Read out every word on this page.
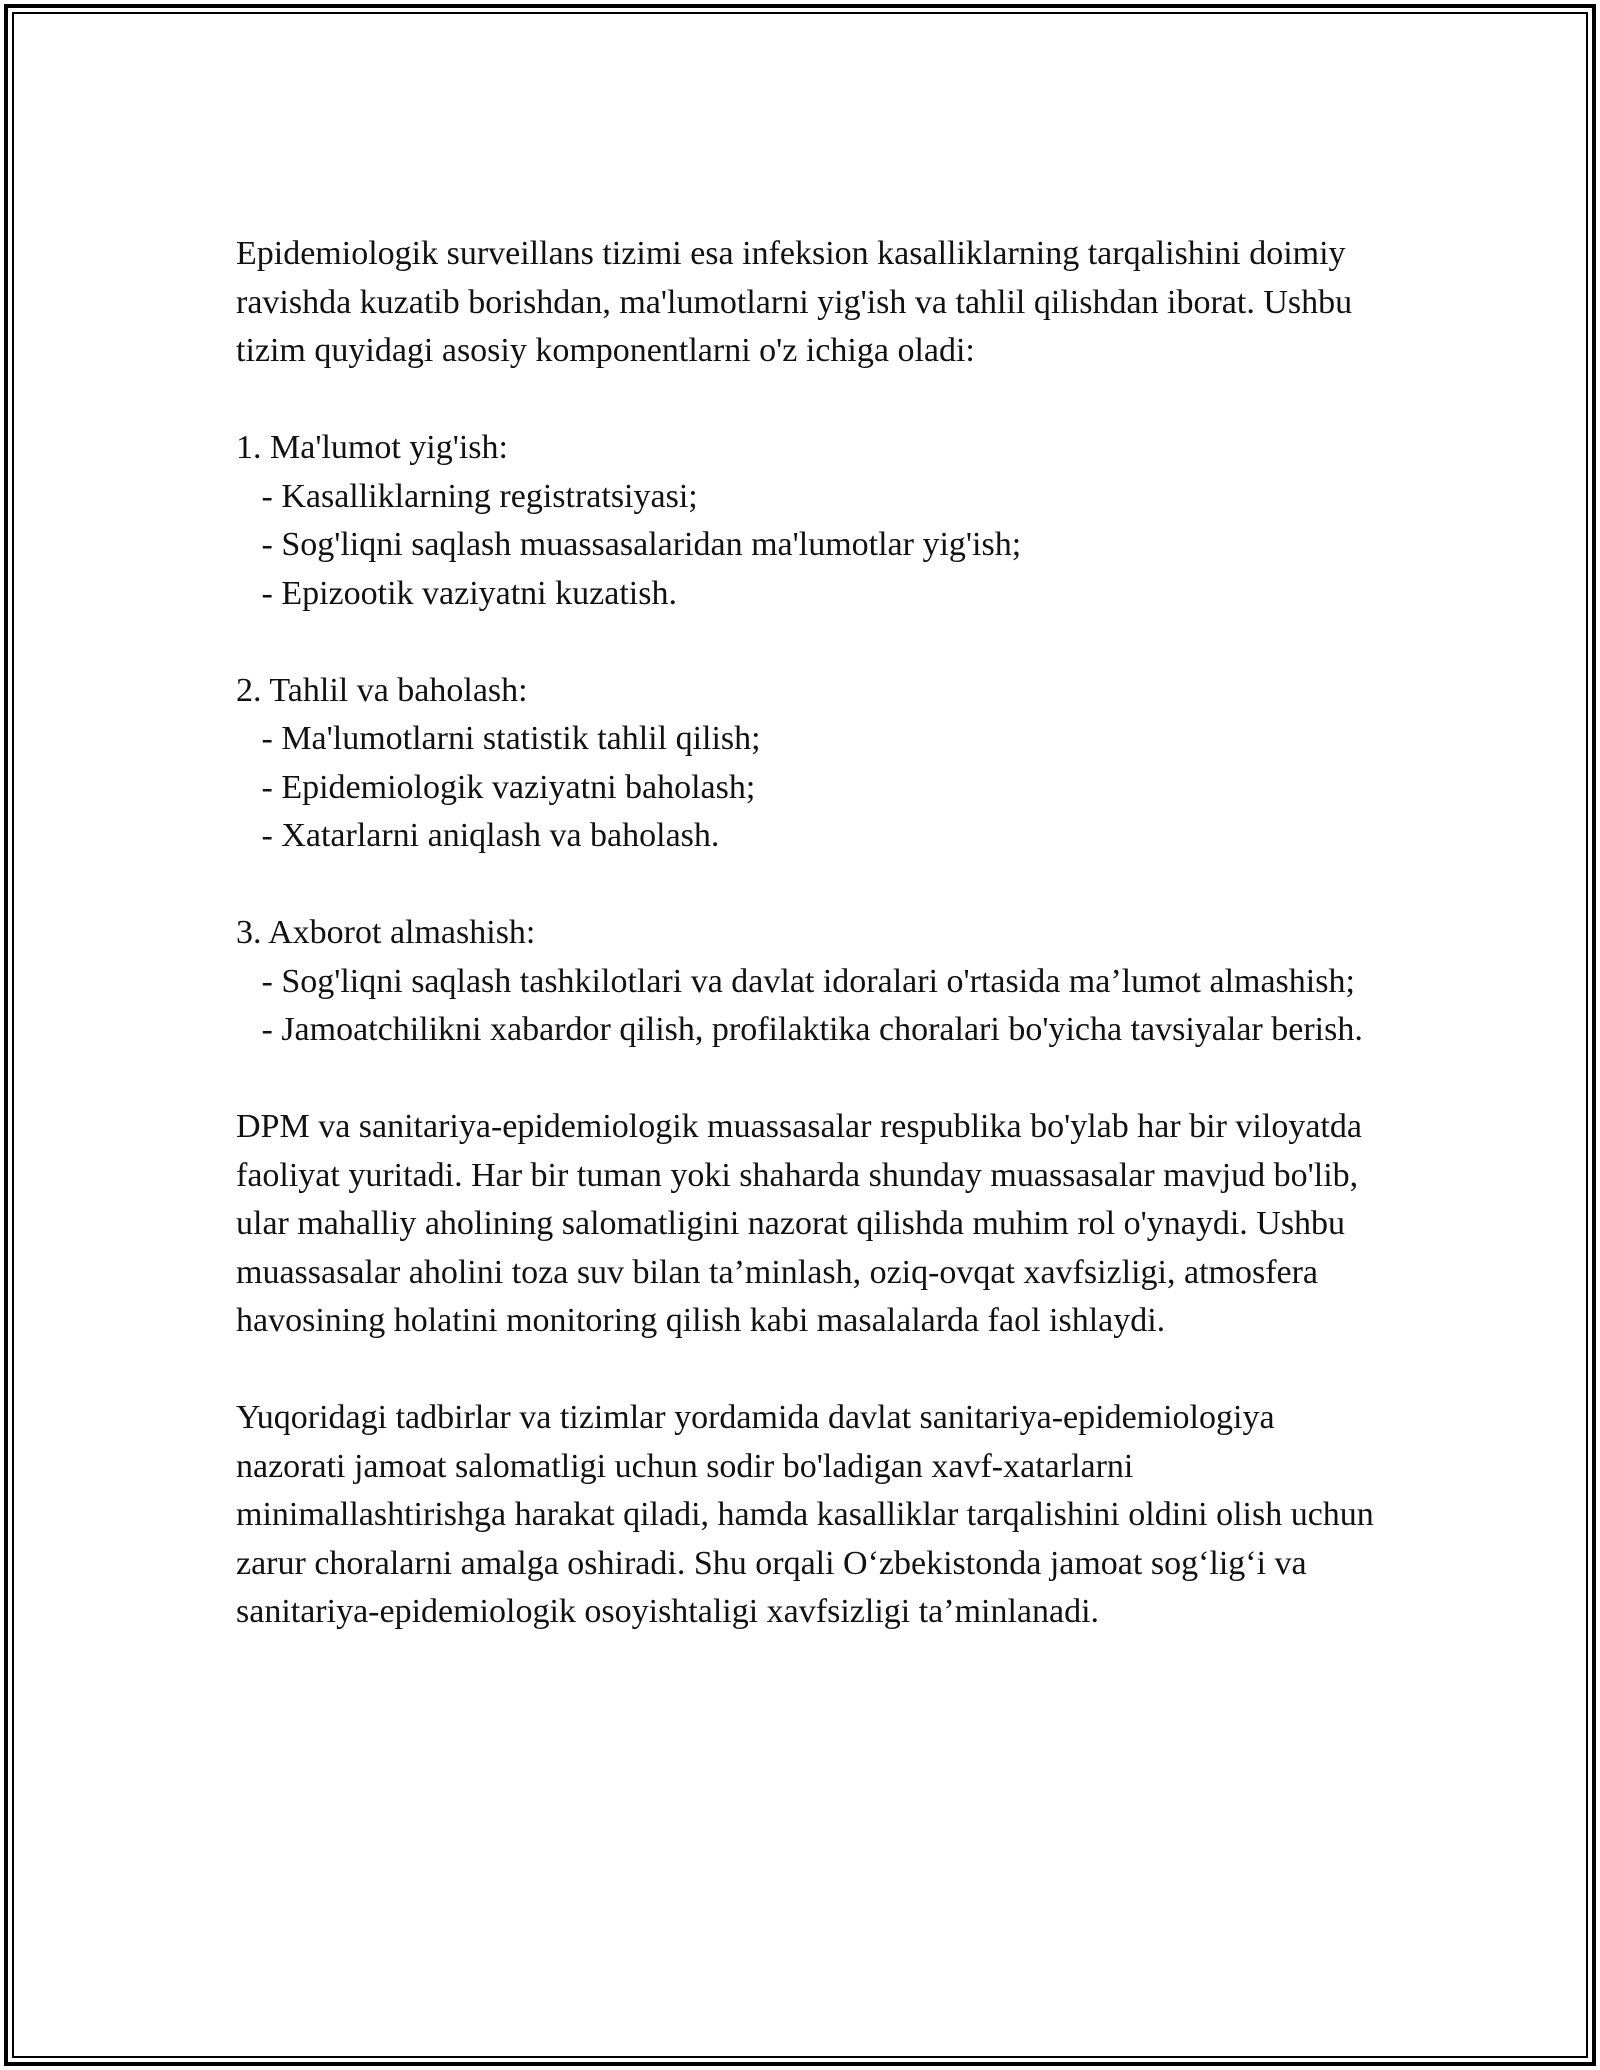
Epidemiologik surveillans tizimi esa infeksion kasalliklarning tarqalishini doimiy ravishda kuzatib borishdan, ma'lumotlarni yig'ish va tahlil qilishdan iborat. Ushbu tizim quyidagi asosiy komponentlarni o'z ichiga oladi:

1. Ma'lumot yig'ish:

- Kasalliklarning registratsiyasi;

- Sog'liqni saqlash muassasalaridan ma'lumotlar yig'ish;

- Epizootik vaziyatni kuzatish.

2. Tahlil va baholash:

- Ma'lumotlarni statistik tahlil qilish;

- Epidemiologik vaziyatni baholash;

- Xatarlarni aniqlash va baholash.

3. Axborot almashish:

- Sog'liqni saqlash tashkilotlari va davlat idoralari o'rtasida ma’lumot almashish;

- Jamoatchilikni xabardor qilish, profilaktika choralari bo'yicha tavsiyalar berish.

DPM va sanitariya-epidemiologik muassasalar respublika bo'ylab har bir viloyatda faoliyat yuritadi. Har bir tuman yoki shaharda shunday muassasalar mavjud bo'lib, ular mahalliy aholining salomatligini nazorat qilishda muhim rol o'ynaydi. Ushbu muassasalar aholini toza suv bilan ta’minlash, oziq-ovqat xavfsizligi, atmosfera havosining holatini monitoring qilish kabi masalalarda faol ishlaydi.

Yuqoridagi tadbirlar va tizimlar yordamida davlat sanitariya-epidemiologiya nazorati jamoat salomatligi uchun sodir bo'ladigan xavf-xatarlarni minimallashtirishga harakat qiladi, hamda kasalliklar tarqalishini oldini olish uchun zarur choralarni amalga oshiradi. Shu orqali O‘zbekistonda jamoat sog‘lig‘i va sanitariya-epidemiologik osoyishtaligi xavfsizligi ta’minlanadi.
